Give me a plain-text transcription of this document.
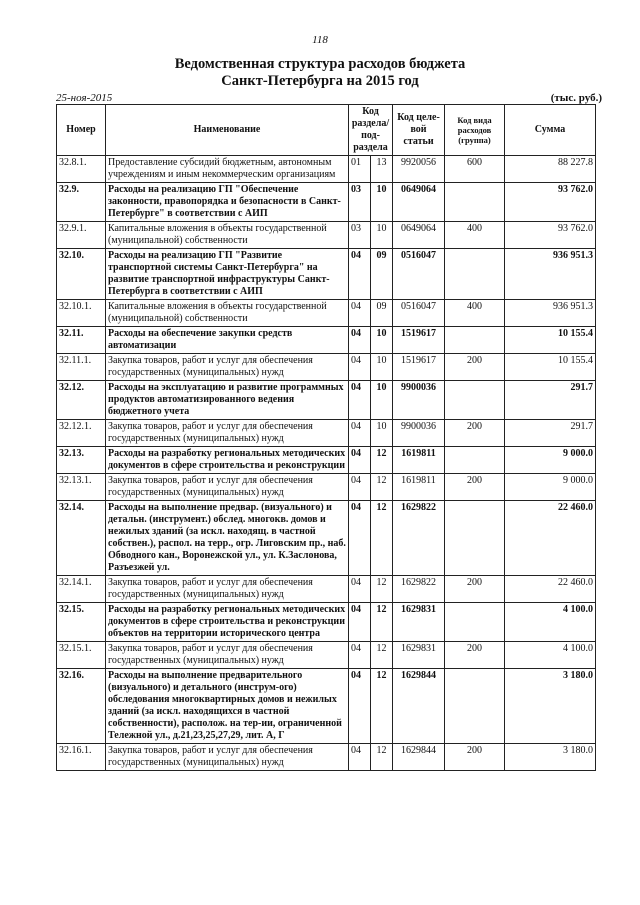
118
Ведомственная структура расходов бюджета
Санкт-Петербурга на 2015 год
25-ноя-2015	(тыс. руб.)
Номер	Наименование	Код раздела/ под-раздела		Код целе-вой статьи	Код вида расходов (группа)	Сумма
32.8.1.	Предоставление субсидий бюджетным, автономным учреждениям и иным некоммерческим организациям	01	13	9920056	600	88 227.8
32.9.	Расходы на реализацию ГП "Обеспечение законности, правопорядка и безопасности в Санкт-Петербурге" в соответствии с АИП	03	10	0649064		93 762.0
32.9.1.	Капитальные вложения в объекты государственной (муниципальной) собственности	03	10	0649064	400	93 762.0
32.10.	Расходы на реализацию ГП "Развитие транспортной системы Санкт-Петербурга" на развитие транспортной инфраструктуры Санкт-Петербурга в соответствии с АИП	04	09	0516047		936 951.3
32.10.1.	Капитальные вложения в объекты государственной (муниципальной) собственности	04	09	0516047	400	936 951.3
32.11.	Расходы на обеспечение закупки средств автоматизации	04	10	1519617		10 155.4
32.11.1.	Закупка товаров, работ и услуг для обеспечения государственных (муниципальных) нужд	04	10	1519617	200	10 155.4
32.12.	Расходы на эксплуатацию и развитие программных продуктов автоматизированного ведения бюджетного учета	04	10	9900036		291.7
32.12.1.	Закупка товаров, работ и услуг для обеспечения государственных (муниципальных) нужд	04	10	9900036	200	291.7
32.13.	Расходы на разработку региональных методических документов в сфере строительства и реконструкции	04	12	1619811		9 000.0
32.13.1.	Закупка товаров, работ и услуг для обеспечения государственных (муниципальных) нужд	04	12	1619811	200	9 000.0
32.14.	Расходы на выполнение предвар. (визуального) и детальн. (инструмент.) обслед. многокв. домов и нежилых зданий (за искл. находящ. в частной собствен.), распол. на терр., огр. Лиговским пр., наб. Обводного кан., Воронежской ул., ул. К.Заслонова, Разъезжей ул.	04	12	1629822		22 460.0
32.14.1.	Закупка товаров, работ и услуг для обеспечения государственных (муниципальных) нужд	04	12	1629822	200	22 460.0
32.15.	Расходы на разработку региональных методических документов в сфере строительства и реконструкции объектов на территории исторического центра	04	12	1629831		4 100.0
32.15.1.	Закупка товаров, работ и услуг для обеспечения государственных (муниципальных) нужд	04	12	1629831	200	4 100.0
32.16.	Расходы на выполнение предварительного (визуального) и детального (инструм-ого) обследования многоквартирных домов и нежилых зданий (за искл. находящихся в частной собственности), располож. на тер-ии, ограниченной Тележной ул., д.21,23,25,27,29, лит. А, Г	04	12	1629844		3 180.0
32.16.1.	Закупка товаров, работ и услуг для обеспечения государственных (муниципальных) нужд	04	12	1629844	200	3 180.0
